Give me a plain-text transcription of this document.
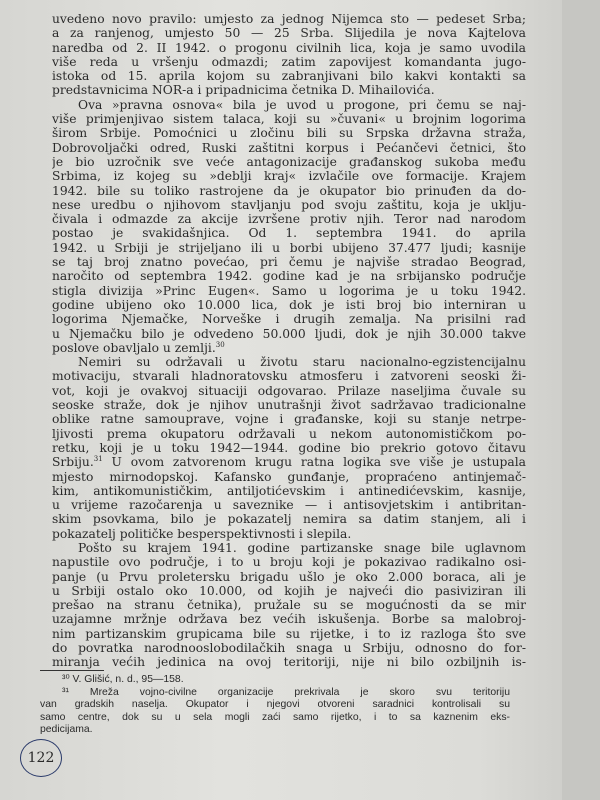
uvedeno novo pravilo: umjesto za jednog Nijemca sto — pedeset Srba;
a za ranjenog, umjesto 50 — 25 Srba. Slijedila je nova Kajtelova
naredba od 2. II 1942. o progonu civilnih lica, koja je samo uvodila
više reda u vršenju odmazdi; zatim zapovijest komandanta jugo-
istoka od 15. aprila kojom su zabranjivani bilo kakvi kontakti sa
predstavnicima NOR-a i pripadnicima četnika D. Mihailovića.
Ova »pravna osnova« bila je uvod u progone, pri čemu se naj-
više primjenjivao sistem talaca, koji su »čuvani« u brojnim logorima
širom Srbije. Pomoćnici u zločinu bili su Srpska državna straža,
Dobrovoljački odred, Ruski zaštitni korpus i Pećančevi četnici, što
je bio uzročnik sve veće antagonizacije građanskog sukoba među
Srbima, iz kojeg su »deblji kraj« izvlačile ove formacije. Krajem
1942. bile su toliko rastrojene da je okupator bio prinuđen da do-
nese uredbu o njihovom stavljanju pod svoju zaštitu, koja je uklju-
čivala i odmazde za akcije izvršene protiv njih. Teror nad narodom
postao je svakidašnjica. Od 1. septembra 1941. do aprila
1942. u Srbiji je strijeljano ili u borbi ubijeno 37.477 ljudi; kasnije
se taj broj znatno povećao, pri čemu je najviše stradao Beograd,
naročito od septembra 1942. godine kad je na srbijansko područje
stigla divizija »Princ Eugen«. Samo u logorima je u toku 1942.
godine ubijeno oko 10.000 lica, dok je isti broj bio interniran u
logorima Njemačke, Norveške i drugih zemalja. Na prisilni rad
u Njemačku bilo je odvedeno 50.000 ljudi, dok je njih 30.000 takve
poslove obavljalo u zemlji.$^{30}$
Nemiri su održavali u životu staru nacionalno-egzistencijalnu
motivaciju, stvarali hladnoratovsku atmosferu i zatvoreni seoski ži-
vot, koji je ovakvoj situaciji odgovarao. Prilaze naseljima čuvale su
seoske straže, dok je njihov unutrašnji život sadržavao tradicionalne
oblike ratne samouprave, vojne i građanske, koji su stanje netrpe-
ljivosti prema okupatoru održavali u nekom autonomističkom po-
retku, koji je u toku 1942—1944. godine bio prekrio gotovo čitavu
Srbiju.$^{31}$ U ovom zatvorenom krugu ratna logika sve više je ustupala
mjesto mirnodopskoj. Kafansko gunđanje, propraćeno antinjemač-
kim, antikomunističkim, antiljotićevskim i antinedićevskim, kasnije,
u vrijeme razočarenja u saveznike — i antisovjetskim i antibritan-
skim psovkama, bilo je pokazatelj nemira sa datim stanjem, ali i
pokazatelj političke besperspektivnosti i slepila.
Pošto su krajem 1941. godine partizanske snage bile uglavnom
napustile ovo područje, i to u broju koji je pokazivao radikalno osi-
panje (u Prvu proletersku brigadu ušlo je oko 2.000 boraca, ali je
u Srbiji ostalo oko 10.000, od kojih je najveći dio pasiviziran ili
prešao na stranu četnika), pružale su se mogućnosti da se mir
uzajamne mržnje održava bez većih iskušenja. Borbe sa malobroj-
nim partizanskim grupicama bile su rijetke, i to iz razloga što sve
do povratka narodnooslobodilačkih snaga u Srbiju, odnosno do for-
miranja većih jedinica na ovoj teritoriji, nije ni bilo ozbiljnih is-
³⁰ V. Glišić, n. d., 95—158.
³¹ Mreža vojno-civilne organizacije prekrivala je skoro svu teritoriju
van gradskih naselja. Okupator i njegovi otvoreni saradnici kontrolisali su
samo centre, dok su u sela mogli zaći samo rijetko, i to sa kaznenim eks-
pedicijama.
122
